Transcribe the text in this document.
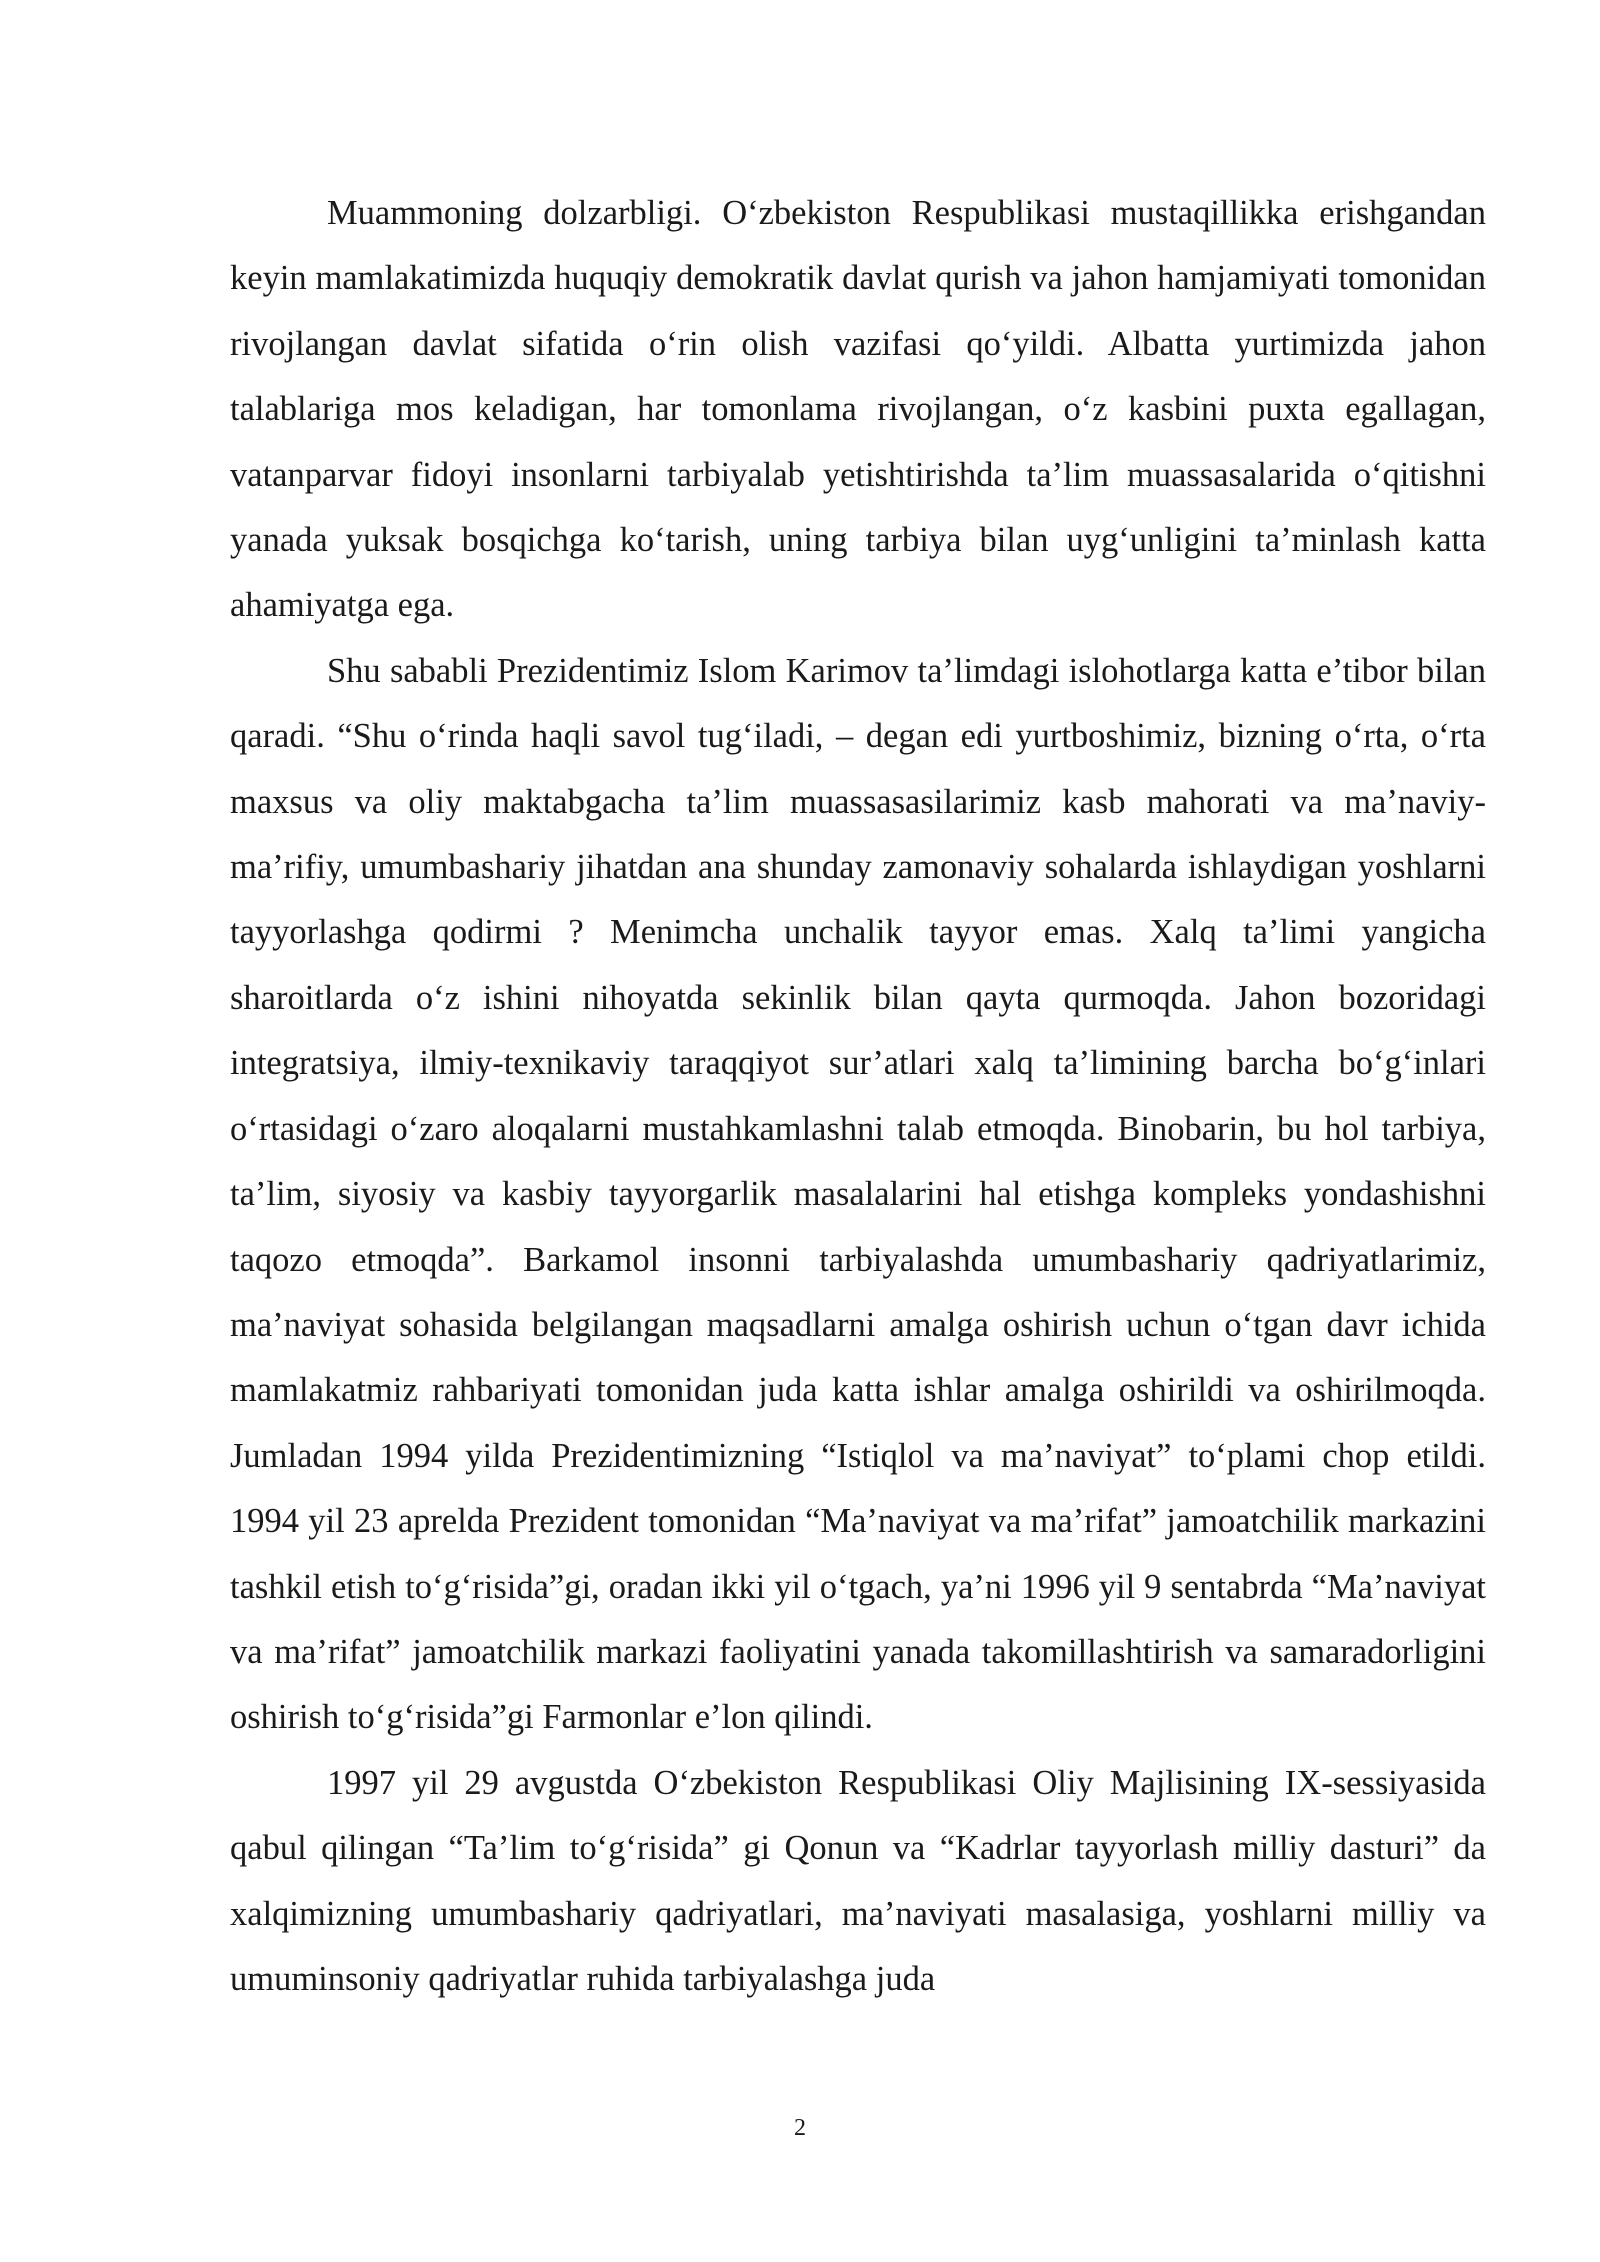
Muammoning dolzarbligi. O‘zbekiston Respublikasi mustaqillikka erishgandan keyin mamlakatimizda huquqiy demokratik davlat qurish va jahon hamjamiyati tomonidan rivojlangan davlat sifatida o‘rin olish vazifasi qo‘yildi. Albatta yurtimizda jahon talablariga mos keladigan, har tomonlama rivojlangan, o‘z kasbini puxta egallagan, vatanparvar fidoyi insonlarni tarbiyalab yetishtirishda ta’lim muassasalarida o‘qitishni yanada yuksak bosqichga ko‘tarish, uning tarbiya bilan uyg‘unligini ta’minlash katta ahamiyatga ega.

Shu sababli Prezidentimiz Islom Karimov ta’limdagi islohotlarga katta e’tibor bilan qaradi. “Shu o‘rinda haqli savol tug‘iladi, – degan edi yurtboshimiz, bizning o‘rta, o‘rta maxsus va oliy maktabgacha ta’lim muassasasilarimiz kasb mahorati va ma’naviy-ma’rifiy, umumbashariy jihatdan ana shunday zamonaviy sohalarda ishlaydigan yoshlarni tayyorlashga qodirmi ? Menimcha unchalik tayyor emas. Xalq ta’limi yangicha sharoitlarda o‘z ishini nihoyatda sekinlik bilan qayta qurmoqda. Jahon bozoridagi integratsiya, ilmiy-texnikaviy taraqqiyot sur’atlari xalq ta’limining barcha bo‘g‘inlari o‘rtasidagi o‘zaro aloqalarni mustahkamlashni talab etmoqda. Binobarin, bu hol tarbiya, ta’lim, siyosiy va kasbiy tayyorgarlik masalalarini hal etishga kompleks yondashishni taqozo etmoqda”. Barkamol insonni tarbiyalashda umumbashariy qadriyatlarimiz, ma’naviyat sohasida belgilangan maqsadlarni amalga oshirish uchun o‘tgan davr ichida mamlakatmiz rahbariyati tomonidan juda katta ishlar amalga oshirildi va oshirilmoqda. Jumladan 1994 yilda Prezidentimizning “Istiqlol va ma’naviyat” to‘plami chop etildi. 1994 yil 23 aprelda Prezident tomonidan “Ma’naviyat va ma’rifat” jamoatchilik markazini tashkil etish to‘g‘risida”gi, oradan ikki yil o‘tgach, ya’ni 1996 yil 9 sentabrda “Ma’naviyat va ma’rifat” jamoatchilik markazi faoliyatini yanada takomillashtirish va samaradorligini oshirish to‘g‘risida”gi Farmonlar e’lon qilindi.

1997 yil 29 avgustda O‘zbekiston Respublikasi Oliy Majlisining IX-sessiyasida qabul qilingan “Ta’lim to‘g‘risida” gi Qonun va “Kadrlar tayyorlash milliy dasturi” da xalqimizning umumbashariy qadriyatlari, ma’naviyati masalasiga, yoshlarni milliy va umuminsoniy qadriyatlar ruhida tarbiyalashga juda

2
